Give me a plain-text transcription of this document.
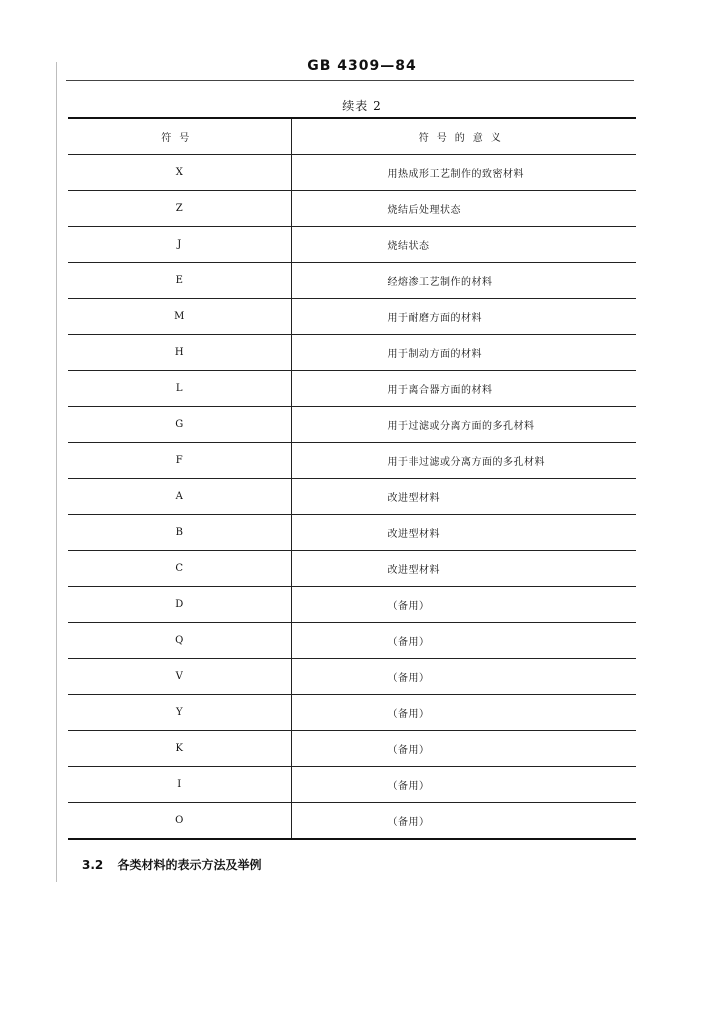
GB 4309—84
续表 2
符号	符号的意义
X	用热成形工艺制作的致密材料
Z	烧结后处理状态
J	烧结状态
E	经熔渗工艺制作的材料
M	用于耐磨方面的材料
H	用于制动方面的材料
L	用于离合器方面的材料
G	用于过滤或分离方面的多孔材料
F	用于非过滤或分离方面的多孔材料
A	改进型材料
B	改进型材料
C	改进型材料
D	（备用）
Q	（备用）
V	（备用）
Y	（备用）
K	（备用）
I	（备用）
O	（备用）
3.2 各类材料的表示方法及举例
